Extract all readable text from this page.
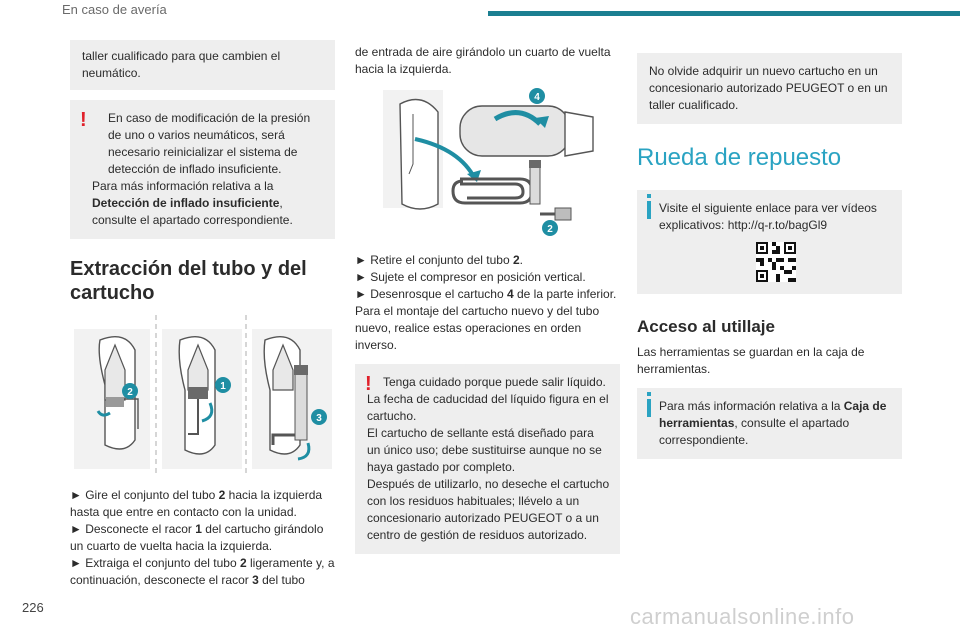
En caso de avería

taller cualificado para que cambien el neumático.

!	En caso de modificación de la presión de uno o varios neumáticos, será necesario reinicializar el sistema de detección de inflado insuficiente.

Para más información relativa a la Detección de inflado insuficiente, consulte el apartado correspondiente.

Extracción del tubo y del cartucho
2
1
3

► Gire el conjunto del tubo 2 hacia la izquierda hasta que entre en contacto con la unidad.

► Desconecte el racor 1 del cartucho girándolo un cuarto de vuelta hacia la izquierda.

► Extraiga el conjunto del tubo 2 ligeramente y, a continuación, desconecte el racor 3 del tubo

de entrada de aire girándolo un cuarto de vuelta hacia la izquierda.

4
2

► Retire el conjunto del tubo 2.

► Sujete el compresor en posición vertical.

► Desenrosque el cartucho 4 de la parte inferior.

Para el montaje del cartucho nuevo y del tubo nuevo, realice estas operaciones en orden inverso.

! Tenga cuidado porque puede salir líquido.

La fecha de caducidad del líquido figura en el cartucho.

El cartucho de sellante está diseñado para un único uso; debe sustituirse aunque no se haya gastado por completo.

Después de utilizarlo, no deseche el cartucho con los residuos habituales; llévelo a un concesionario autorizado PEUGEOT o a un centro de gestión de residuos autorizado.

No olvide adquirir un nuevo cartucho en un concesionario autorizado PEUGEOT o en un taller cualificado.

Rueda de repuesto

Visite el siguiente enlace para ver vídeos explicativos: http://q-r.to/bagGl9

Acceso al utillaje

Las herramientas se guardan en la caja de herramientas.

Para más información relativa a la Caja de herramientas, consulte el apartado correspondiente.

226	carmanualsonline.info
